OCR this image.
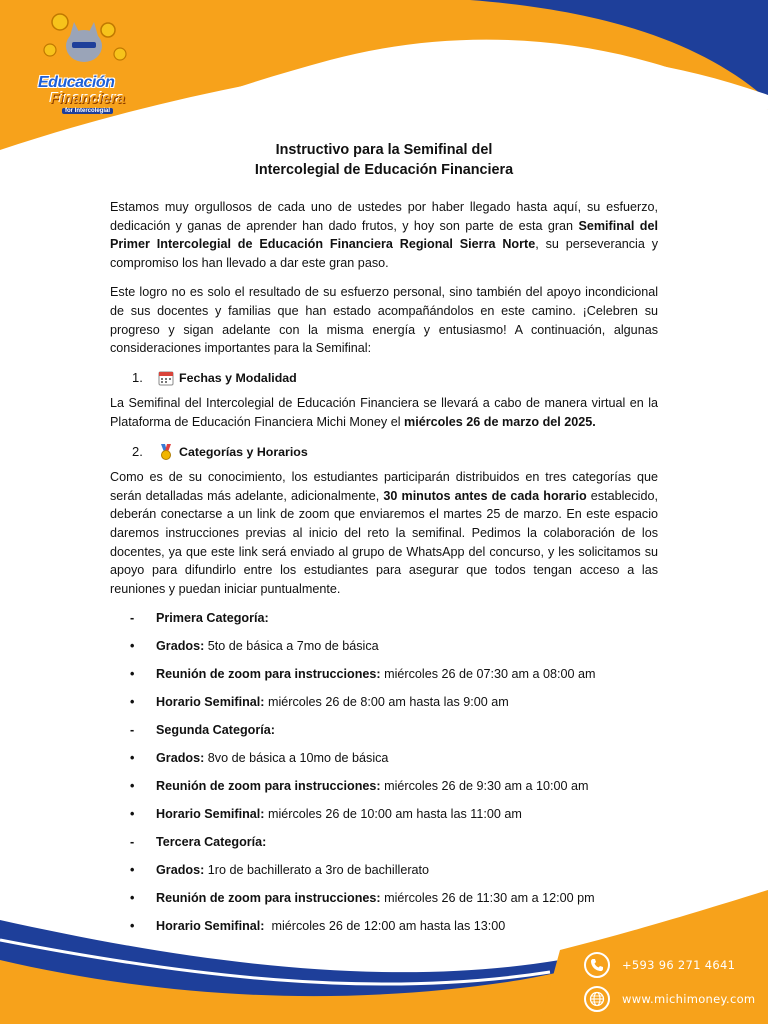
Educación
Financiera
for Intercolegial
Instructivo para la Semifinal del
Intercolegial de Educación Financiera
Estamos muy orgullosos de cada uno de ustedes por haber llegado hasta aquí, su esfuerzo, dedicación y ganas de aprender han dado frutos, y hoy son parte de esta gran Semifinal del Primer Intercolegial de Educación Financiera Regional Sierra Norte, su perseverancia y compromiso los han llevado a dar este gran paso.
Este logro no es solo el resultado de su esfuerzo personal, sino también del apoyo incondicional de sus docentes y familias que han estado acompañándolos en este camino. ¡Celebren su progreso y sigan adelante con la misma energía y entusiasmo! A continuación, algunas consideraciones importantes para la Semifinal:
1.	Fechas y Modalidad
La Semifinal del Intercolegial de Educación Financiera se llevará a cabo de manera virtual en la Plataforma de Educación Financiera Michi Money el miércoles 26 de marzo del 2025.
2.	Categorías y Horarios
Como es de su conocimiento, los estudiantes participarán distribuidos en tres categorías que serán detalladas más adelante, adicionalmente, 30 minutos antes de cada horario establecido, deberán conectarse a un link de zoom que enviaremos el martes 25 de marzo. En este espacio daremos instrucciones previas al inicio del reto la semifinal. Pedimos la colaboración de los docentes, ya que este link será enviado al grupo de WhatsApp del concurso, y les solicitamos su apoyo para difundirlo entre los estudiantes para asegurar que todos tengan acceso a las reuniones y puedan iniciar puntualmente.
-	Primera Categoría:
•	Grados: 5to de básica a 7mo de básica
•	Reunión de zoom para instrucciones: miércoles 26 de 07:30 am a 08:00 am
•	Horario Semifinal: miércoles 26 de 8:00 am hasta las 9:00 am
-	Segunda Categoría:
•	Grados: 8vo de básica a 10mo de básica
•	Reunión de zoom para instrucciones: miércoles 26 de 9:30 am a 10:00 am
•	Horario Semifinal: miércoles 26 de 10:00 am hasta las 11:00 am
-	Tercera Categoría:
•	Grados: 1ro de bachillerato a 3ro de bachillerato
•	Reunión de zoom para instrucciones: miércoles 26 de 11:30 am a 12:00 pm
•	Horario Semifinal:  miércoles 26 de 12:00 am hasta las 13:00
+593 96 271 4641
www.michimoney.com
